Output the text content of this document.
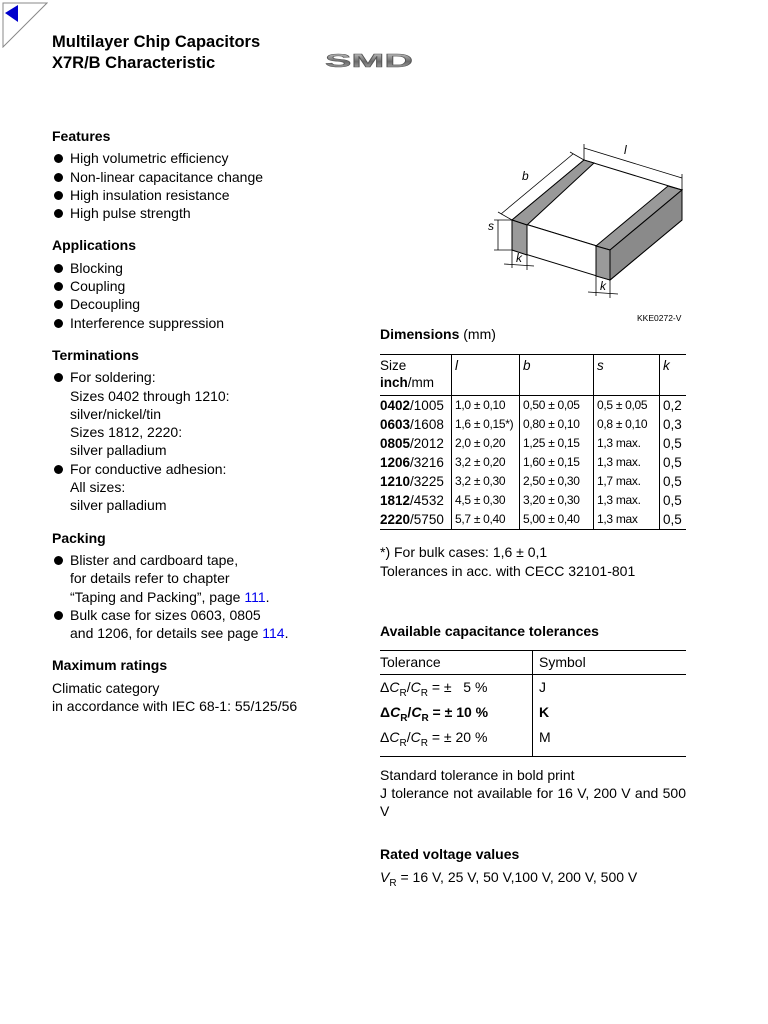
Multilayer Chip Capacitors
X7R/B Characteristic	SMD
Features
High volumetric efficiency
Non-linear capacitance change
High insulation resistance
High pulse strength
Applications
Blocking
Coupling
Decoupling
Interference suppression
Terminations
For soldering:
Sizes 0402 through 1210:
silver/nickel/tin
Sizes 1812, 2220:
silver palladium
For conductive adhesion:
All sizes:
silver palladium
Packing
Blister and cardboard tape,
for details refer to chapter
“Taping and Packing”, page 111.
Bulk case for sizes 0603, 0805
and 1206, for details see page 114.
Maximum ratings
Climatic category
in accordance with IEC 68-1: 55/125/56
l
b
s
k
k
KKE0272-V
Dimensions (mm)
Size
inch/mm	l	b	s	k
0402/1005	1,0 ± 0,10	0,50 ± 0,05	0,5 ± 0,05	0,2
0603/1608	1,6 ± 0,15*)	0,80 ± 0,10	0,8 ± 0,10	0,3
0805/2012	2,0 ± 0,20	1,25 ± 0,15	1,3 max.	0,5
1206/3216	3,2 ± 0,20	1,60 ± 0,15	1,3 max.	0,5
1210/3225	3,2 ± 0,30	2,50 ± 0,30	1,7 max.	0,5
1812/4532	4,5 ± 0,30	3,20 ± 0,30	1,3 max.	0,5
2220/5750	5,7 ± 0,40	5,00 ± 0,40	1,3 max	0,5
*) For bulk cases: 1,6 ± 0,1
Tolerances in acc. with CECC 32101-801
Available capacitance tolerances
Tolerance	Symbol
$\Delta C_R/C_R$ = ±   5 %	J
$\Delta C_R/C_R$ = ± 10 %	K
$\Delta C_R/C_R$ = ± 20 %	M
Standard tolerance in bold print
J tolerance not available for 16 V, 200 V and 500 V
Rated voltage values
$V_R = 16$ V, 25 V, 50 V,100 V, 200 V, 500 V
